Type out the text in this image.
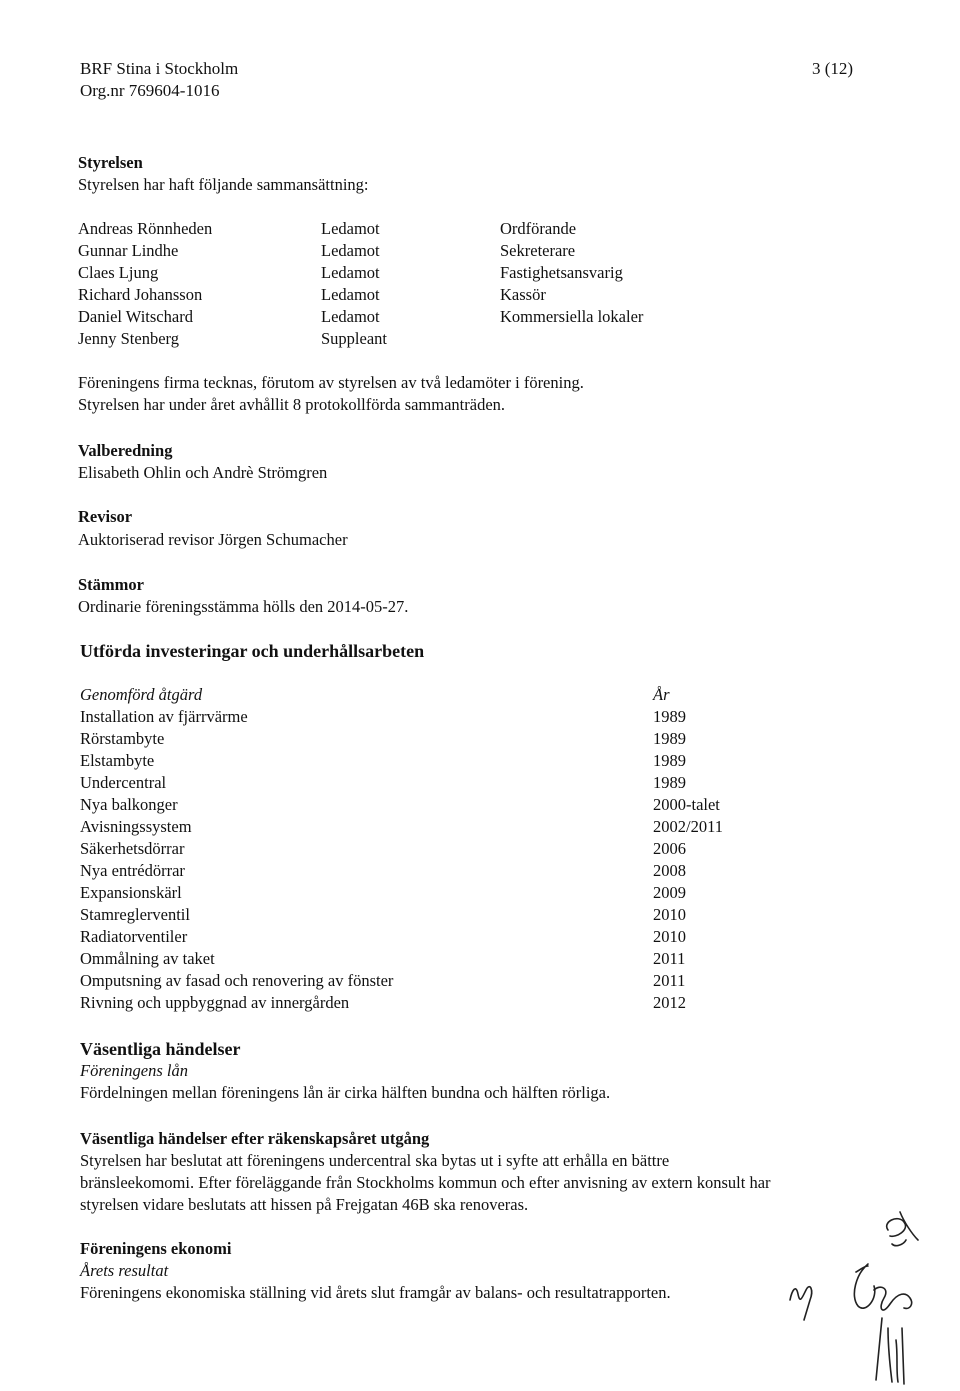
BRF Stina i Stockholm
Org.nr 769604-1016
3 (12)
Styrelsen
Styrelsen har haft följande sammansättning:
Andreas Rönnheden	Ledamot	Ordförande
Gunnar Lindhe	Ledamot	Sekreterare
Claes Ljung	Ledamot	Fastighetsansvarig
Richard Johansson	Ledamot	Kassör
Daniel Witschard	Ledamot	Kommersiella lokaler
Jenny Stenberg	Suppleant
Föreningens firma tecknas, förutom av styrelsen av två ledamöter i förening.
Styrelsen har under året avhållit 8 protokollförda sammanträden.
Valberedning
Elisabeth Ohlin och Andrè Strömgren
Revisor
Auktoriserad revisor Jörgen Schumacher
Stämmor
Ordinarie föreningsstämma hölls den 2014-05-27.
Utförda investeringar och underhållsarbeten
Genomförd åtgärd	År
Installation av fjärrvärme	1989
Rörstambyte	1989
Elstambyte	1989
Undercentral	1989
Nya balkonger	2000-talet
Avisningssystem	2002/2011
Säkerhetsdörrar	2006
Nya entrédörrar	2008
Expansionskärl	2009
Stamreglerventil	2010
Radiatorventiler	2010
Ommålning av taket	2011
Omputsning av fasad och renovering av fönster	2011
Rivning och uppbyggnad av innergården	2012
Väsentliga händelser
Föreningens lån
Fördelningen mellan föreningens lån är cirka hälften bundna och hälften rörliga.
Väsentliga händelser efter räkenskapsåret utgång
Styrelsen har beslutat att föreningens undercentral ska bytas ut i syfte att erhålla en bättre
bränsleekomomi. Efter föreläggande från Stockholms kommun och efter anvisning av extern konsult har
styrelsen vidare beslutats att hissen på Frejgatan 46B ska renoveras.
Föreningens ekonomi
Årets resultat
Föreningens ekonomiska ställning vid årets slut framgår av balans- och resultatrapporten.
